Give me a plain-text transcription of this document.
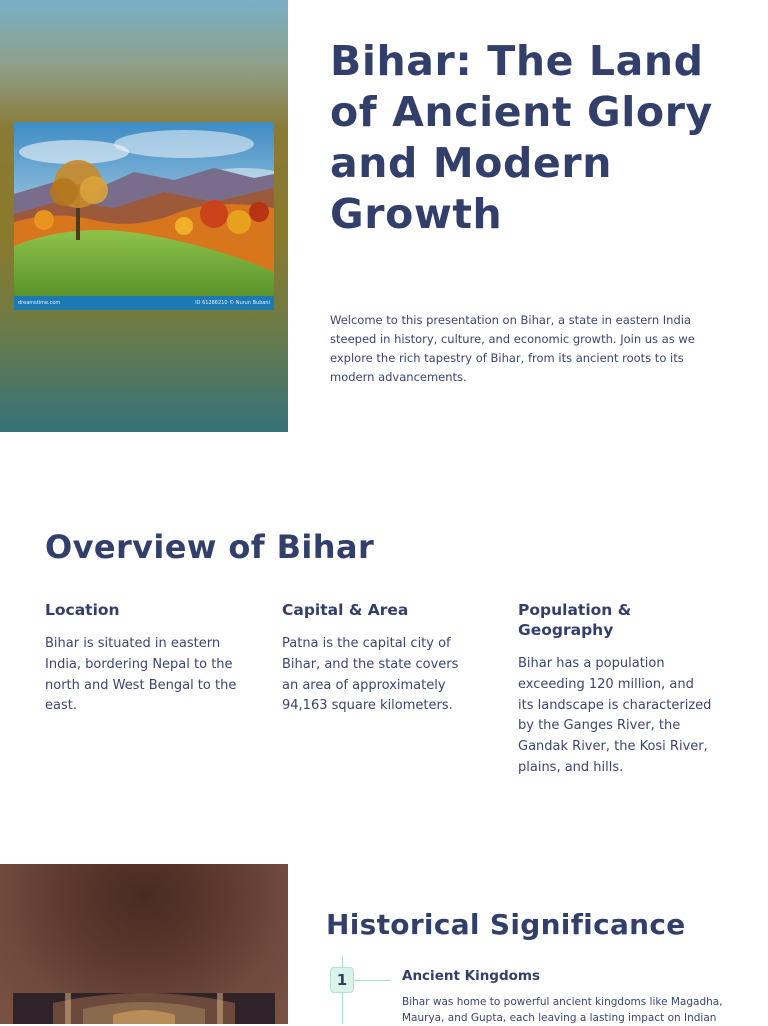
dreamstime.com	ID 61286210 © Nurun Bubani
Bihar: The Land of Ancient Glory and Modern Growth

Welcome to this presentation on Bihar, a state in eastern India steeped in history, culture, and economic growth. Join us as we explore the rich tapestry of Bihar, from its ancient roots to its modern advancements.

Overview of Bihar
Location

Bihar is situated in eastern India, bordering Nepal to the north and West Bengal to the east.

Capital & Area

Patna is the capital city of Bihar, and the state covers an area of approximately 94,163 square kilometers.

Population & Geography

Bihar has a population exceeding 120 million, and its landscape is characterized by the Ganges River, the Gandak River, the Kosi River, plains, and hills.

Historical Significance
1	Ancient Kingdoms

Bihar was home to powerful ancient kingdoms like Magadha, Maurya, and Gupta, each leaving a lasting impact on Indian
